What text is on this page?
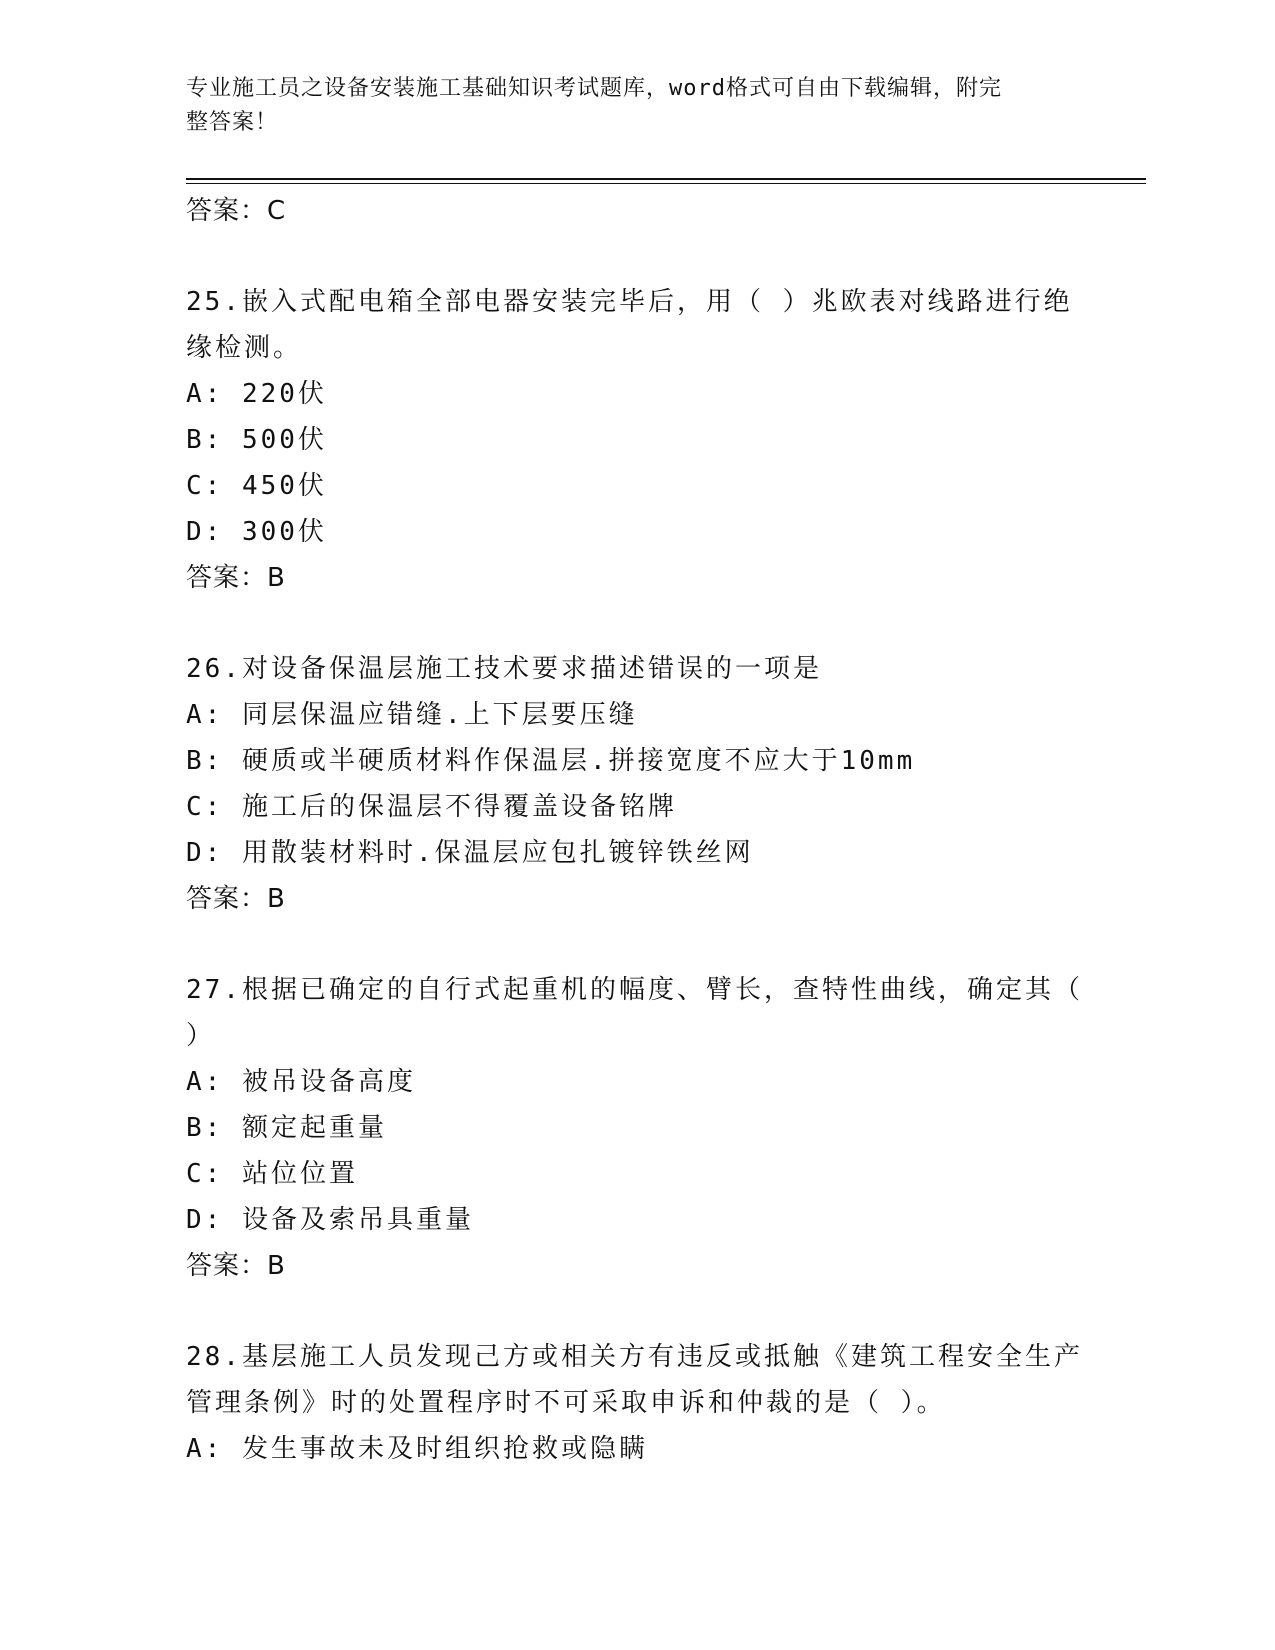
专业施工员之设备安装施工基础知识考试题库，word格式可自由下载编辑，附完
整答案！
答案：C
25.嵌入式配电箱全部电器安装完毕后，用（ ）兆欧表对线路进行绝
缘检测。
A: 220伏
B: 500伏
C: 450伏
D: 300伏
答案：B
26.对设备保温层施工技术要求描述错误的一项是
A: 同层保温应错缝.上下层要压缝
B: 硬质或半硬质材料作保温层.拼接宽度不应大于10mm
C: 施工后的保温层不得覆盖设备铭牌
D: 用散装材料时.保温层应包扎镀锌铁丝网
答案：B
27.根据已确定的自行式起重机的幅度、臂长，查特性曲线，确定其（
）
A: 被吊设备高度
B: 额定起重量
C: 站位位置
D: 设备及索吊具重量
答案：B
28.基层施工人员发现己方或相关方有违反或抵触《建筑工程安全生产
管理条例》时的处置程序时不可采取申诉和仲裁的是（ ）。
A: 发生事故未及时组织抢救或隐瞒
